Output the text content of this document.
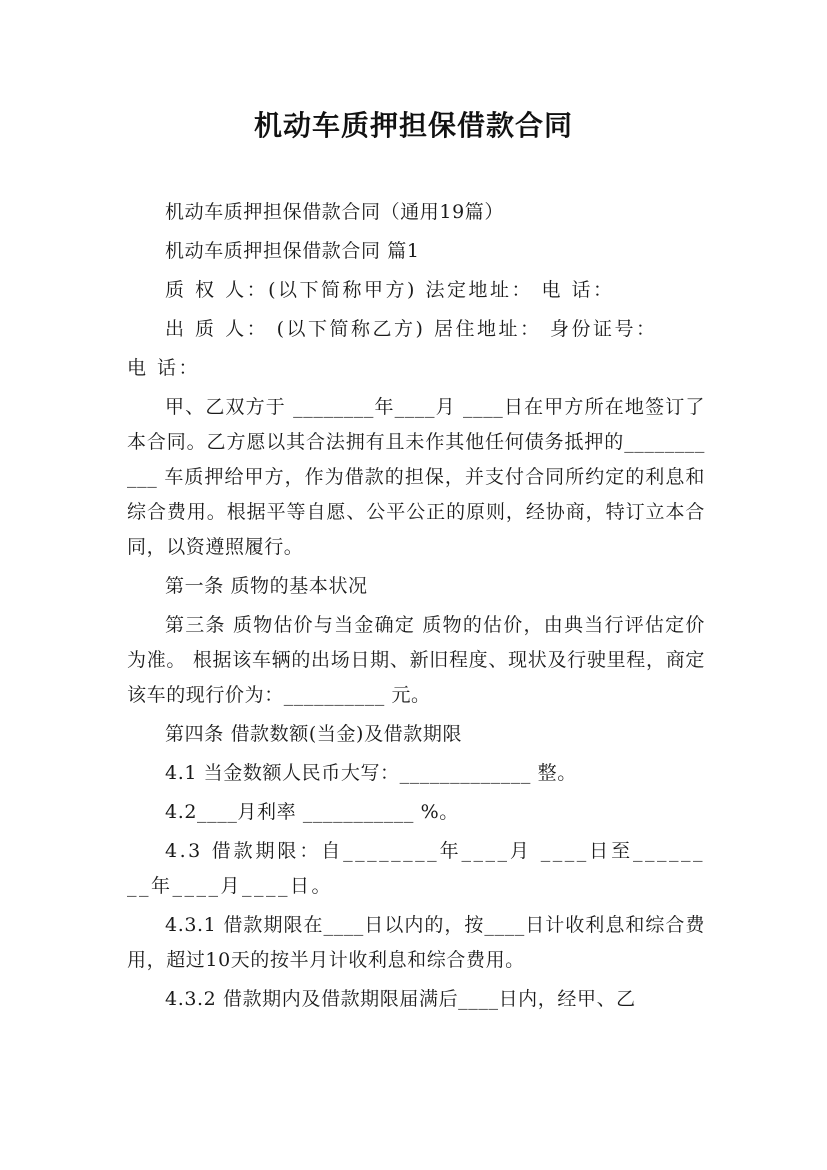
机动车质押担保借款合同

机动车质押担保借款合同（通用19篇）

机动车质押担保借款合同 篇1

质 权 人：(以下简称甲方) 法定地址： 电 话：

出 质 人： (以下简称乙方) 居住地址： 身份证号：

电 话：

甲、乙双方于 ________年____月 ____日在甲方所在地签订了本合同。乙方愿以其合法拥有且未作其他任何债务抵押的___________ 车质押给甲方，作为借款的担保，并支付合同所约定的利息和综合费用。根据平等自愿、公平公正的原则，经协商，特订立本合同，以资遵照履行。

第一条 质物的基本状况

第三条 质物估价与当金确定 质物的估价，由典当行评估定价为准。 根据该车辆的出场日期、新旧程度、现状及行驶里程，商定该车的现行价为：__________ 元。

第四条 借款数额(当金)及借款期限

4.1 当金数额人民币大写：_____________ 整。

4.2____月利率 ___________ %。

4.3 借款期限：自________年____月 ____日至________年____月____日。

4.3.1 借款期限在____日以内的，按____日计收利息和综合费用，超过10天的按半月计收利息和综合费用。

4.3.2 借款期内及借款期限届满后____日内，经甲、乙
